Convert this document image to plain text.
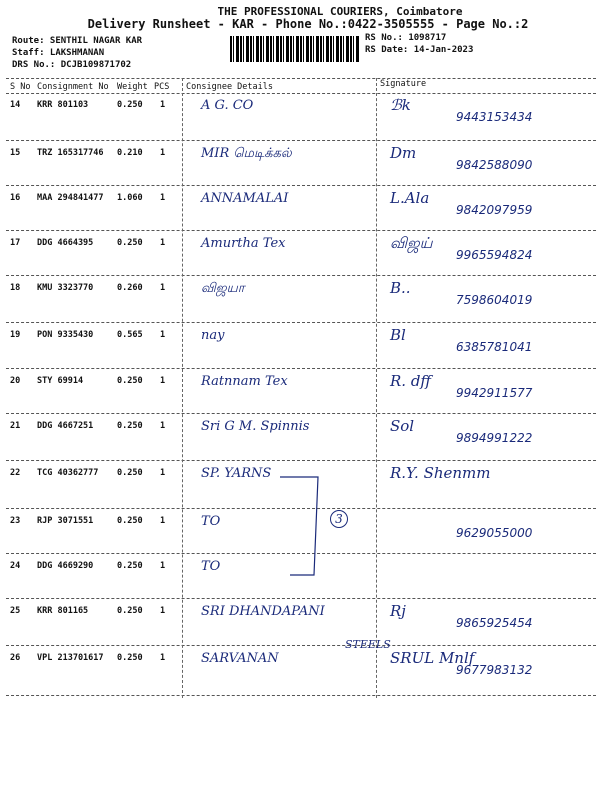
THE PROFESSIONAL COURIERS, Coimbatore
Delivery Runsheet - KAR - Phone No.:0422-3505555 - Page No.:2
Route: SENTHIL NAGAR KAR
Staff: LAKSHMANAN
DRS No.: DCJB109871702
RS No.: 1098717
RS Date: 14-Jan-2023
S No Consignment No Weight PCS Consignee Details	Signature
14 KRR 801103	0.250 1	A G. CO	ℬk
9443153434
15 TRZ 165317746 0.210 1	MIR மெடிக்கல்	Dm
9842588090
16 MAA 294841477 1.060 1	ANNAMALAI	L.Ala
9842097959
17 DDG 4664395	0.250 1	Amurtha Tex	விஜய்
9965594824
18 KMU 3323770	0.260 1	விஜயா	B..
7598604019
19 PON 9335430	0.565 1	nay	Bl
6385781041
20 STY 69914	0.250 1	Ratnnam Tex	R. dff
9942911577
21 DDG 4667251	0.250 1	Sri G M. Spinnis	Sol
9894991222
22 TCG 40362777 0.250 1	SP. YARNS	R.Y. Shenmm
23 RJP 3071551	0.250 1	TO
9629055000
24 DDG 4669290	0.250 1	TO
25 KRR 801165	0.250 1	SRI DHANDAPANI	Rj
9865925454
26 VPL 213701617 0.250 1	SARVANAN	SRUL Mnlf
9677983132
STEELS
3
